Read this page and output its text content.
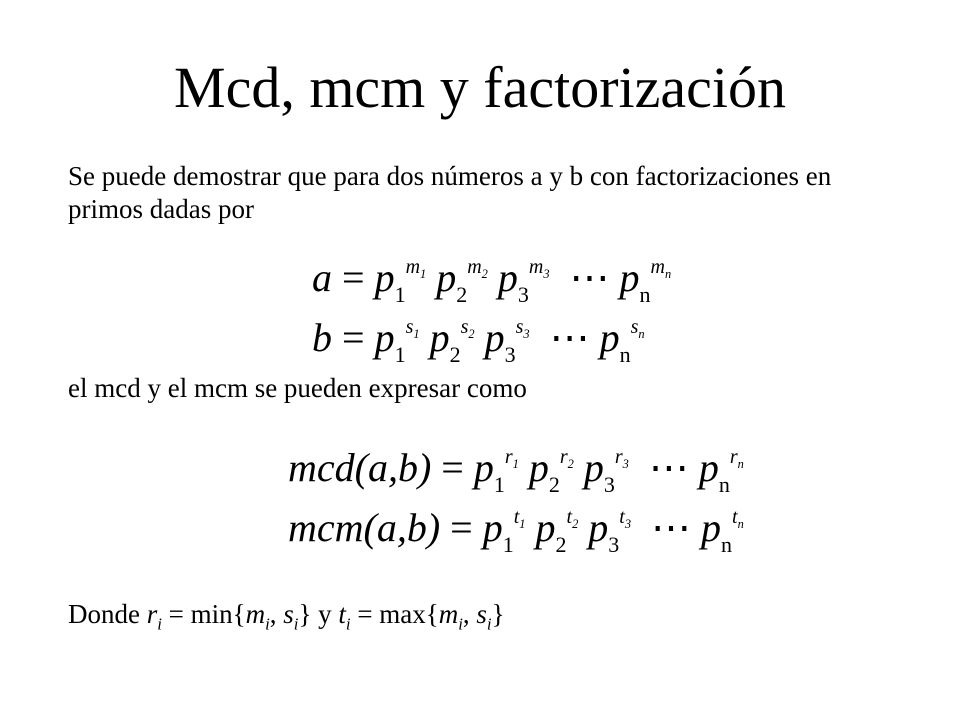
Mcd, mcm y factorización
Se puede demostrar que para dos números a y b con factorizaciones en primos dadas por
$a = p_1^{m_1}$ $p_2^{m_2}$ $p_3^{m_3}$ ⋯ $p_n^{m_n}$
$b = p_1^{s_1}$ $p_2^{s_2}$ $p_3^{s_3}$ ⋯ $p_n^{s_n}$
el mcd y el mcm se pueden expresar como
$mcd(a,b) = p_1^{r_1}$ $p_2^{r_2}$ $p_3^{r_3}$ ⋯ $p_n^{r_n}$
$mcm(a,b) = p_1^{t_1}$ $p_2^{t_2}$ $p_3^{t_3}$ ⋯ $p_n^{t_n}$
Donde $r_i = \min\{m_i$, $s_i$} y $t_i = \max\{m_i$, $s_i$}
